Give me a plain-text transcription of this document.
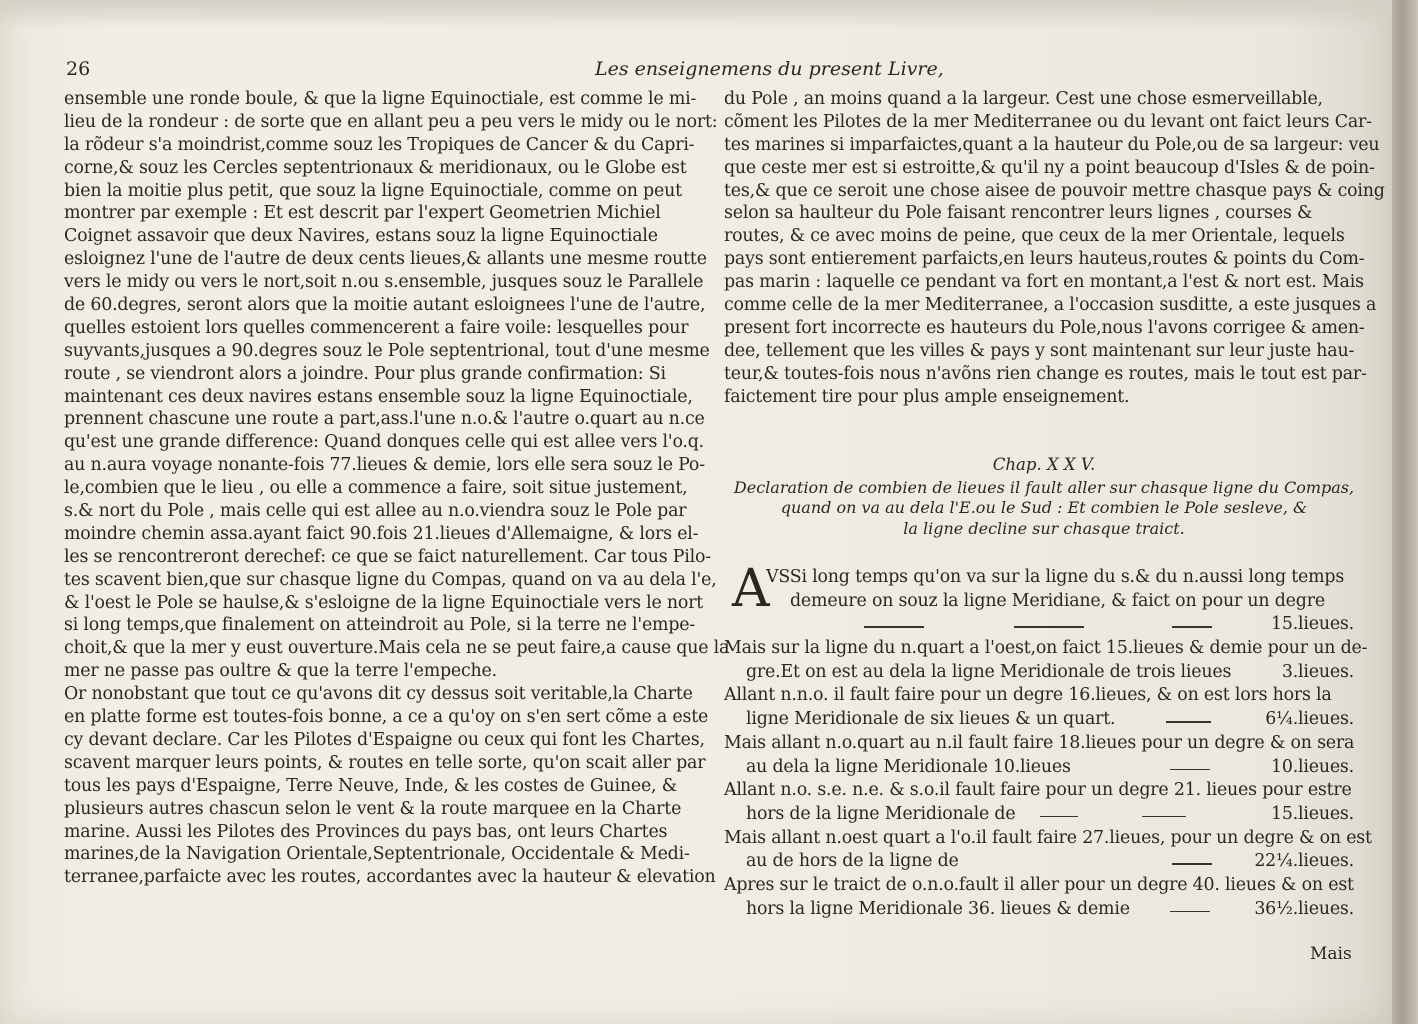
26	Les enseignemens du present Livre,
ensemble une ronde boule, & que la ligne Equinoctiale, est comme le mi-
lieu de la rondeur : de sorte que en allant peu a peu vers le midy ou le nort:
la rõdeur s'a moindrist,comme souz les Tropiques de Cancer & du Capri-
corne,& souz les Cercles septentrionaux & meridionaux, ou le Globe est
bien la moitie plus petit, que souz la ligne Equinoctiale, comme on peut
montrer par exemple : Et est descrit par l'expert Geometrien Michiel
Coignet assavoir que deux Navires, estans souz la ligne Equinoctiale
esloignez l'une de l'autre de deux cents lieues,& allants une mesme routte
vers le midy ou vers le nort,soit n.ou s.ensemble, jusques souz le Parallele
de 60.degres, seront alors que la moitie autant esloignees l'une de l'autre,
quelles estoient lors quelles commencerent a faire voile: lesquelles pour
suyvants,jusques a 90.degres souz le Pole septentrional, tout d'une mesme
route , se viendront alors a joindre. Pour plus grande confirmation: Si
maintenant ces deux navires estans ensemble souz la ligne Equinoctiale,
prennent chascune une route a part,ass.l'une n.o.& l'autre o.quart au n.ce
qu'est une grande difference: Quand donques celle qui est allee vers l'o.q.
au n.aura voyage nonante-fois 77.lieues & demie, lors elle sera souz le Po-
le,combien que le lieu , ou elle a commence a faire, soit situe justement,
s.& nort du Pole , mais celle qui est allee au n.o.viendra souz le Pole par
moindre chemin assa.ayant faict 90.fois 21.lieues d'Allemaigne, & lors el-
les se rencontreront derechef: ce que se faict naturellement. Car tous Pilo-
tes scavent bien,que sur chasque ligne du Compas, quand on va au dela l'e,
& l'oest le Pole se haulse,& s'esloigne de la ligne Equinoctiale vers le nort
si long temps,que finalement on atteindroit au Pole, si la terre ne l'empe-
choit,& que la mer y eust ouverture.Mais cela ne se peut faire,a cause que la
mer ne passe pas oultre & que la terre l'empeche.
Or nonobstant que tout ce qu'avons dit cy dessus soit veritable,la Charte
en platte forme est toutes-fois bonne, a ce a qu'oy on s'en sert cõme a este
cy devant declare. Car les Pilotes d'Espaigne ou ceux qui font les Chartes,
scavent marquer leurs points, & routes en telle sorte, qu'on scait aller par
tous les pays d'Espaigne, Terre Neuve, Inde, & les costes de Guinee, &
plusieurs autres chascun selon le vent & la route marquee en la Charte
marine. Aussi les Pilotes des Provinces du pays bas, ont leurs Chartes
marines,de la Navigation Orientale,Septentrionale, Occidentale & Medi-
terranee,parfaicte avec les routes, accordantes avec la hauteur & elevation
du Pole , an moins quand a la largeur. Cest une chose esmerveillable,
cõment les Pilotes de la mer Mediterranee ou du levant ont faict leurs Car-
tes marines si imparfaictes,quant a la hauteur du Pole,ou de sa largeur: veu
que ceste mer est si estroitte,& qu'il ny a point beaucoup d'Isles & de poin-
tes,& que ce seroit une chose aisee de pouvoir mettre chasque pays & coing
selon sa haulteur du Pole faisant rencontrer leurs lignes , courses &
routes, & ce avec moins de peine, que ceux de la mer Orientale, lequels
pays sont entierement parfaicts,en leurs hauteus,routes & points du Com-
pas marin : laquelle ce pendant va fort en montant,a l'est & nort est. Mais
comme celle de la mer Mediterranee, a l'occasion susditte, a este jusques a
present fort incorrecte es hauteurs du Pole,nous l'avons corrigee & amen-
dee, tellement que les villes & pays y sont maintenant sur leur juste hau-
teur,& toutes-fois nous n'avõns rien change es routes, mais le tout est par-
faictement tire pour plus ample enseignement.
Chap. X X V.
Declaration de combien de lieues il fault aller sur chasque ligne du Compas,
quand on va au dela l'E.ou le Sud : Et combien le Pole sesleve, &
la ligne decline sur chasque traict.
A
VSSi long temps qu'on va sur la ligne du s.& du n.aussi long temps
demeure on souz la ligne Meridiane, & faict on pour un degre
15.lieues.
Mais sur la ligne du n.quart a l'oest,on faict 15.lieues & demie pour un de-
gre.Et on est au dela la ligne Meridionale de trois lieues	3.lieues.
Allant n.n.o. il fault faire pour un degre 16.lieues, & on est lors hors la
ligne Meridionale de six lieues & un quart.	6¼.lieues.
Mais allant n.o.quart au n.il fault faire 18.lieues pour un degre & on sera
au dela la ligne Meridionale 10.lieues	10.lieues.
Allant n.o. s.e. n.e. & s.o.il fault faire pour un degre 21. lieues pour estre
hors de la ligne Meridionale de	15.lieues.
Mais allant n.oest quart a l'o.il fault faire 27.lieues, pour un degre & on est
au de hors de la ligne de	22¼.lieues.
Apres sur le traict de o.n.o.fault il aller pour un degre 40. lieues & on est
hors la ligne Meridionale 36. lieues & demie	36½.lieues.
Mais
